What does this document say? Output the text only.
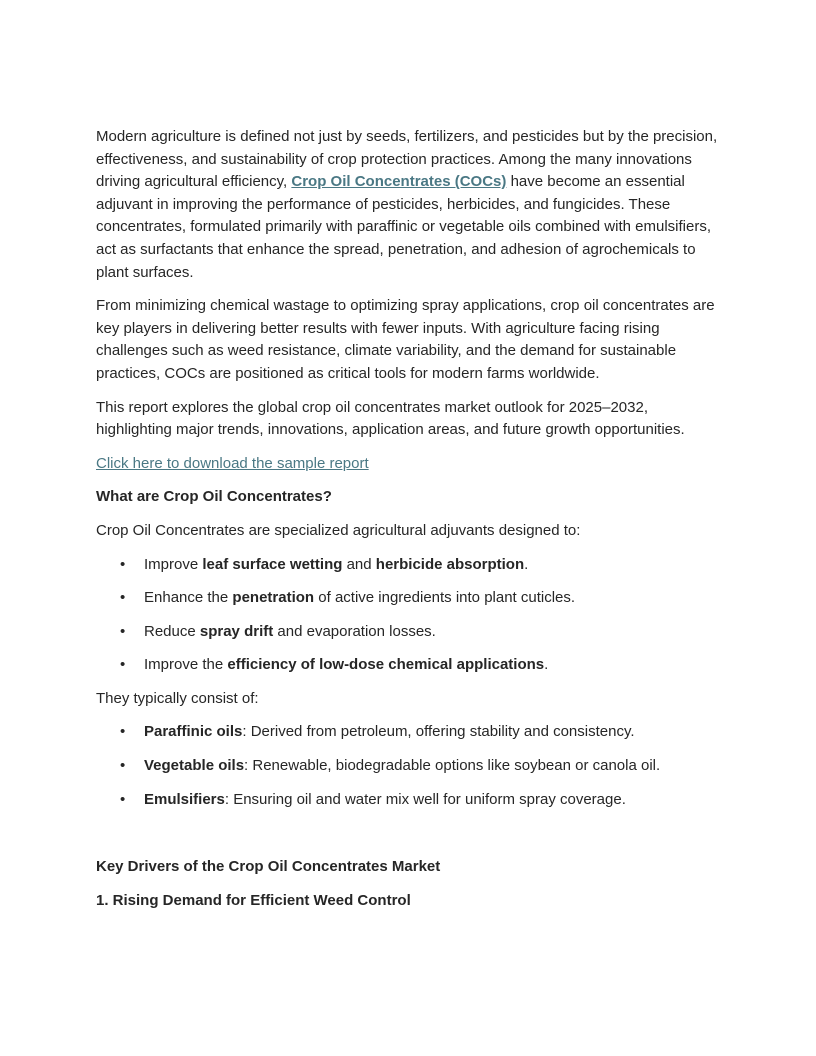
Modern agriculture is defined not just by seeds, fertilizers, and pesticides but by the precision, effectiveness, and sustainability of crop protection practices. Among the many innovations driving agricultural efficiency, Crop Oil Concentrates (COCs) have become an essential adjuvant in improving the performance of pesticides, herbicides, and fungicides. These concentrates, formulated primarily with paraffinic or vegetable oils combined with emulsifiers, act as surfactants that enhance the spread, penetration, and adhesion of agrochemicals to plant surfaces.

From minimizing chemical wastage to optimizing spray applications, crop oil concentrates are key players in delivering better results with fewer inputs. With agriculture facing rising challenges such as weed resistance, climate variability, and the demand for sustainable practices, COCs are positioned as critical tools for modern farms worldwide.

This report explores the global crop oil concentrates market outlook for 2025–2032, highlighting major trends, innovations, application areas, and future growth opportunities.

Click here to download the sample report

What are Crop Oil Concentrates?

Crop Oil Concentrates are specialized agricultural adjuvants designed to:

• Improve leaf surface wetting and herbicide absorption.
• Enhance the penetration of active ingredients into plant cuticles.
• Reduce spray drift and evaporation losses.
• Improve the efficiency of low-dose chemical applications.

They typically consist of:

• Paraffinic oils: Derived from petroleum, offering stability and consistency.
• Vegetable oils: Renewable, biodegradable options like soybean or canola oil.
• Emulsifiers: Ensuring oil and water mix well for uniform spray coverage.

Key Drivers of the Crop Oil Concentrates Market

1. Rising Demand for Efficient Weed Control
